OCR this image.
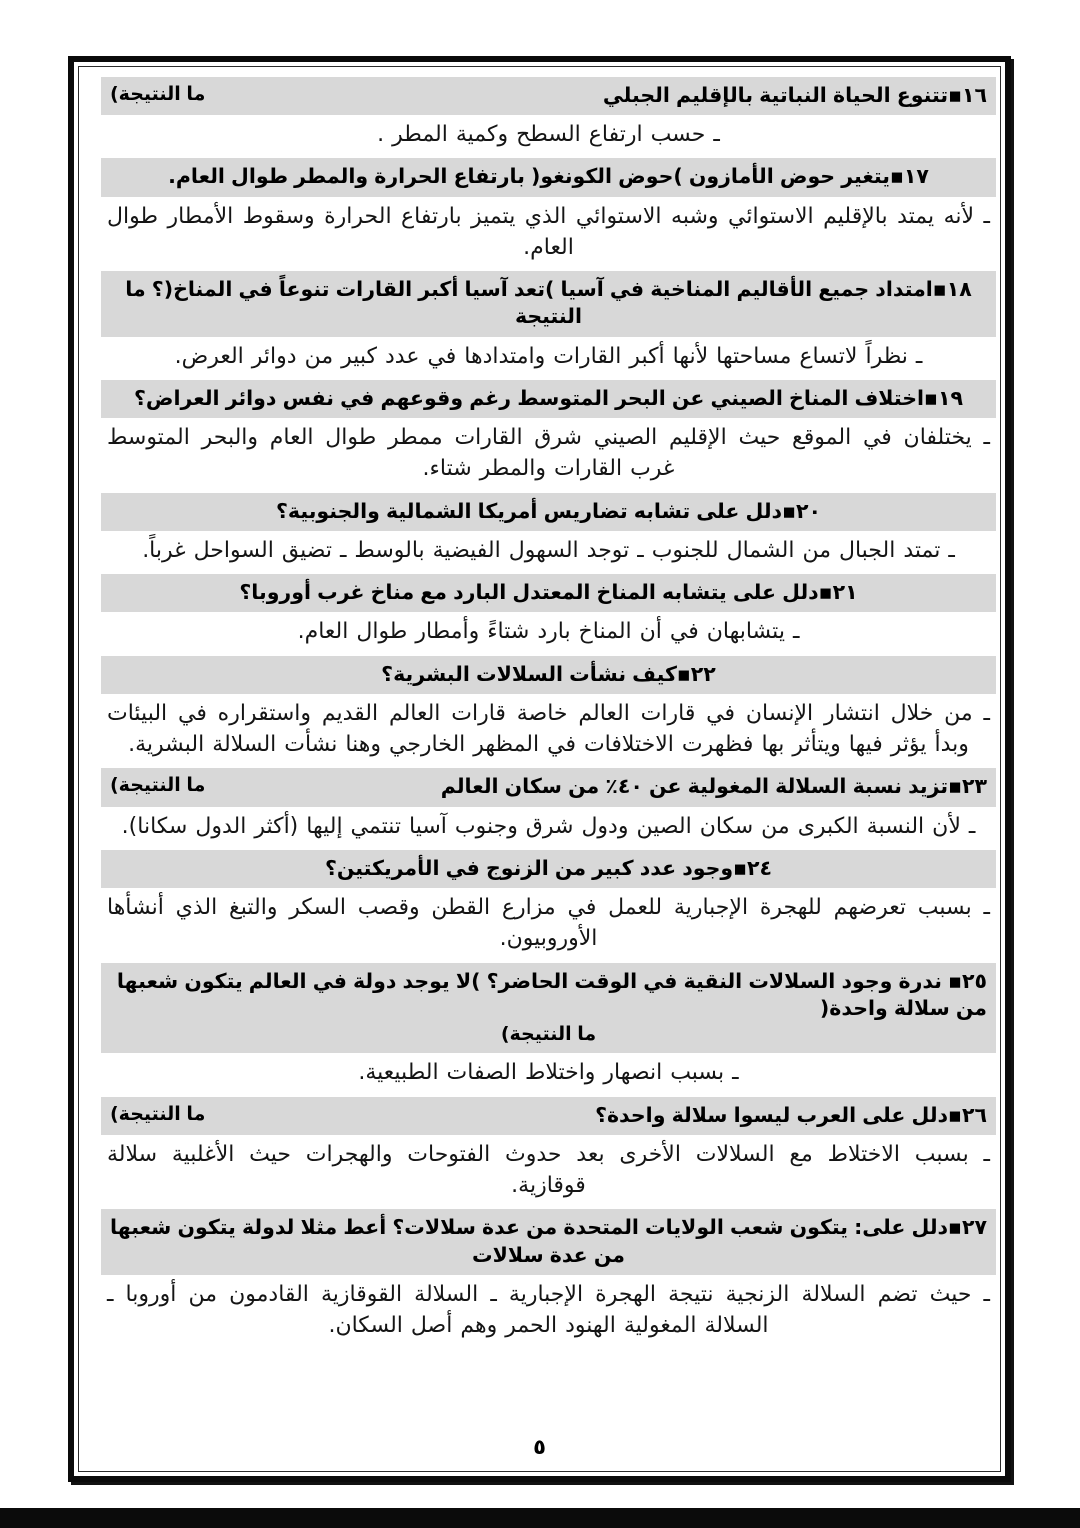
١٦▪تتنوع الحياة النباتية بالإقليم الجبلي
ما النتيجة)
ـ حسب ارتفاع السطح وكمية المطر .
١٧▪يتغير حوض الأمازون )حوض الكونغو( بارتفاع الحرارة والمطر طوال العام.
ـ لأنه يمتد بالإقليم الاستوائي وشبه الاستوائي الذي يتميز بارتفاع الحرارة وسقوط الأمطار طوال العام.
١٨▪امتداد جميع الأقاليم المناخية في آسيا )تعد آسيا أكبر القارات تنوعاً في المناخ(؟ ما النتيجة
ـ نظراً لاتساع مساحتها لأنها أكبر القارات وامتدادها في عدد كبير من دوائر العرض.
١٩▪اختلاف المناخ الصيني عن البحر المتوسط رغم وقوعهم في نفس دوائر العراض؟
ـ يختلفان في الموقع حيث الإقليم الصيني شرق القارات ممطر طوال العام والبحر المتوسط غرب القارات والمطر شتاء.
٢٠▪دلل على تشابه تضاريس أمريكا الشمالية والجنوبية؟
ـ تمتد الجبال من الشمال للجنوب ـ توجد السهول الفيضية بالوسط ـ تضيق السواحل غرباً.
٢١▪دلل على يتشابه المناخ المعتدل البارد مع مناخ غرب أوروبا؟
ـ يتشابهان في أن المناخ بارد شتاءً وأمطار طوال العام.
٢٢▪كيف نشأت السلالات البشرية؟
ـ من خلال انتشار الإنسان في قارات العالم خاصة قارات العالم القديم واستقراره في البيئات وبدأ يؤثر فيها ويتأثر بها فظهرت الاختلافات في المظهر الخارجي وهنا نشأت السلالة البشرية.
٢٣▪تزيد نسبة السلالة المغولية عن ٤٠٪ من سكان العالم
ما النتيجة)
ـ لأن النسبة الكبرى من سكان الصين ودول شرق وجنوب آسيا تنتمي إليها (أكثر الدول سكانا).
٢٤▪وجود عدد كبير من الزنوج في الأمريكتين؟
ـ بسبب تعرضهم للهجرة الإجبارية للعمل في مزارع القطن وقصب السكر والتبغ الذي أنشأها الأوروبيون.
٢٥▪ ندرة وجود السلالات النقية في الوقت الحاضر؟ )لا يوجد دولة في العالم يتكون شعبها من سلالة واحدة(
ما النتيجة)
ـ بسبب انصهار واختلاط الصفات الطبيعية.
٢٦▪دلل على العرب ليسوا سلالة واحدة؟
ما النتيجة)
ـ بسبب الاختلاط مع السلالات الأخرى بعد حدوث الفتوحات والهجرات حيث الأغلبية سلالة قوقازية.
٢٧▪دلل على: يتكون شعب الولايات المتحدة من عدة سلالات؟ أعط مثلا لدولة يتكون شعبها من عدة سلالات
ـ حيث تضم السلالة الزنجية نتيجة الهجرة الإجبارية ـ السلالة القوقازية القادمون من أوروبا ـ السلالة المغولية الهنود الحمر وهم أصل السكان.
٥
